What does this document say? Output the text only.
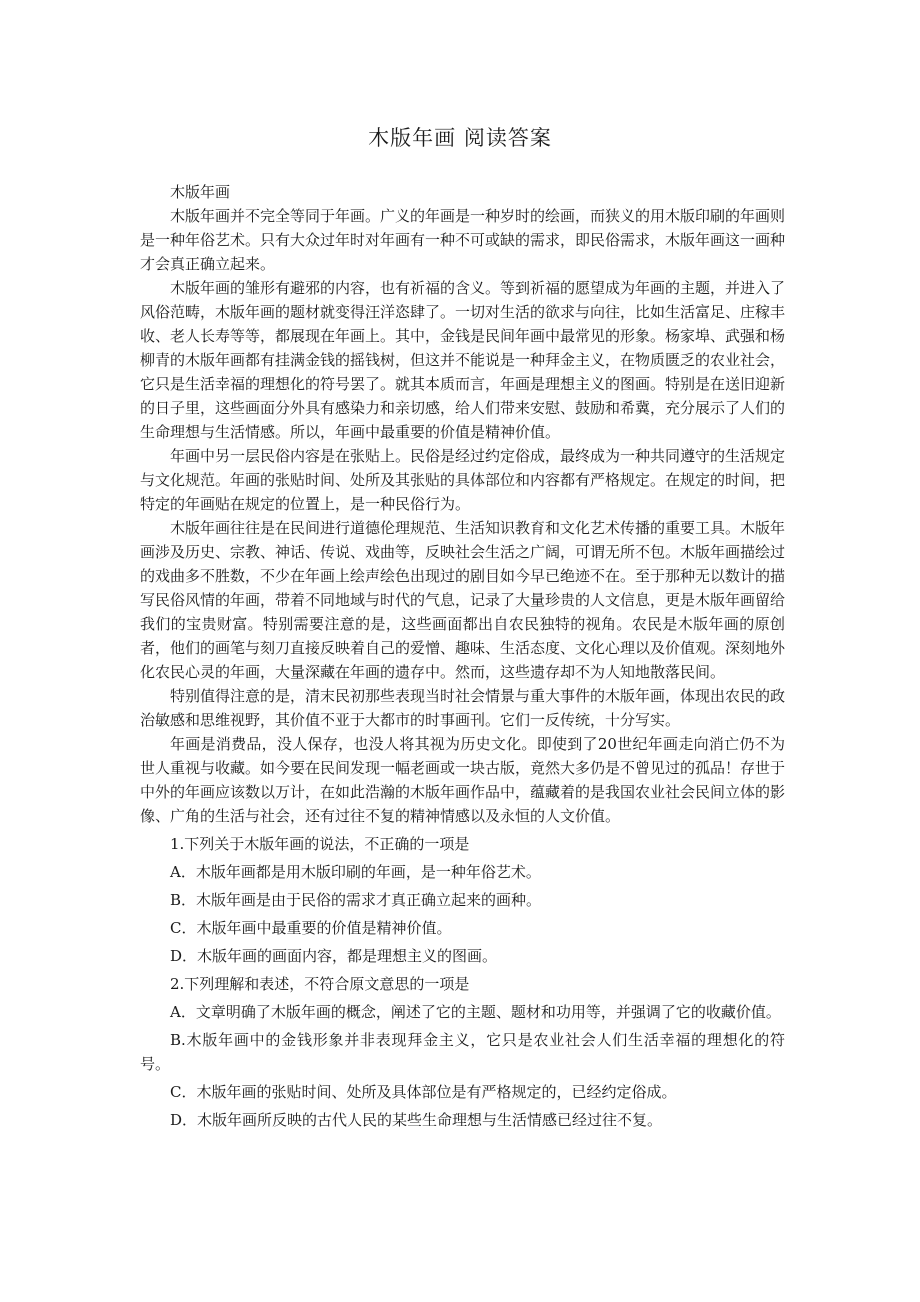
木版年画 阅读答案

木版年画

木版年画并不完全等同于年画。广义的年画是一种岁时的绘画，而狭义的用木版印刷的年画则是一种年俗艺术。只有大众过年时对年画有一种不可或缺的需求，即民俗需求，木版年画这一画种才会真正确立起来。

木版年画的雏形有避邪的内容，也有祈福的含义。等到祈福的愿望成为年画的主题，并进入了风俗范畴，木版年画的题材就变得汪洋恣肆了。一切对生活的欲求与向往，比如生活富足、庄稼丰收、老人长寿等等，都展现在年画上。其中，金钱是民间年画中最常见的形象。杨家埠、武强和杨柳青的木版年画都有挂满金钱的摇钱树，但这并不能说是一种拜金主义，在物质匮乏的农业社会，它只是生活幸福的理想化的符号罢了。就其本质而言，年画是理想主义的图画。特别是在送旧迎新的日子里，这些画面分外具有感染力和亲切感，给人们带来安慰、鼓励和希冀，充分展示了人们的生命理想与生活情感。所以，年画中最重要的价值是精神价值。

年画中另一层民俗内容是在张贴上。民俗是经过约定俗成，最终成为一种共同遵守的生活规定与文化规范。年画的张贴时间、处所及其张贴的具体部位和内容都有严格规定。在规定的时间，把特定的年画贴在规定的位置上，是一种民俗行为。

木版年画往往是在民间进行道德伦理规范、生活知识教育和文化艺术传播的重要工具。木版年画涉及历史、宗教、神话、传说、戏曲等，反映社会生活之广阔，可谓无所不包。木版年画描绘过的戏曲多不胜数，不少在年画上绘声绘色出现过的剧目如今早已绝迹不在。至于那种无以数计的描写民俗风情的年画，带着不同地域与时代的气息，记录了大量珍贵的人文信息，更是木版年画留给我们的宝贵财富。特别需要注意的是，这些画面都出自农民独特的视角。农民是木版年画的原创者，他们的画笔与刻刀直接反映着自己的爱憎、趣味、生活态度、文化心理以及价值观。深刻地外化农民心灵的年画，大量深藏在年画的遗存中。然而，这些遗存却不为人知地散落民间。

特别值得注意的是，清末民初那些表现当时社会情景与重大事件的木版年画，体现出农民的政治敏感和思维视野，其价值不亚于大都市的时事画刊。它们一反传统，十分写实。

年画是消费品，没人保存，也没人将其视为历史文化。即使到了20世纪年画走向消亡仍不为世人重视与收藏。如今要在民间发现一幅老画或一块古版，竟然大多仍是不曾见过的孤品！存世于中外的年画应该数以万计，在如此浩瀚的木版年画作品中，蕴藏着的是我国农业社会民间立体的影像、广角的生活与社会，还有过往不复的精神情感以及永恒的人文价值。

1.下列关于木版年画的说法，不正确的一项是

A．木版年画都是用木版印刷的年画，是一种年俗艺术。

B．木版年画是由于民俗的需求才真正确立起来的画种。

C．木版年画中最重要的价值是精神价值。

D．木版年画的画面内容，都是理想主义的图画。

2.下列理解和表述，不符合原文意思的一项是

A．文章明确了木版年画的概念，阐述了它的主题、题材和功用等，并强调了它的收藏价值。

B.木版年画中的金钱形象并非表现拜金主义，它只是农业社会人们生活幸福的理想化的符号。

C．木版年画的张贴时间、处所及具体部位是有严格规定的，已经约定俗成。

D．木版年画所反映的古代人民的某些生命理想与生活情感已经过往不复。
